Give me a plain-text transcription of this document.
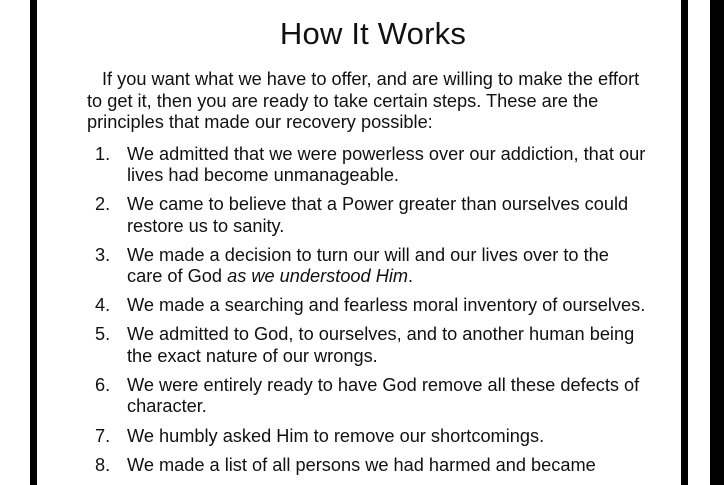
How It Works

If you want what we have to offer, and are willing to make the effort to get it, then you are ready to take certain steps. These are the principles that made our recovery possible:

1. We admitted that we were powerless over our addiction, that our lives had become unmanageable.
2. We came to believe that a Power greater than ourselves could restore us to sanity.
3. We made a decision to turn our will and our lives over to the care of God as we understood Him.
4. We made a searching and fearless moral inventory of ourselves.
5. We admitted to God, to ourselves, and to another human being the exact nature of our wrongs.
6. We were entirely ready to have God remove all these defects of character.
7. We humbly asked Him to remove our shortcomings.
8. We made a list of all persons we had harmed and became
